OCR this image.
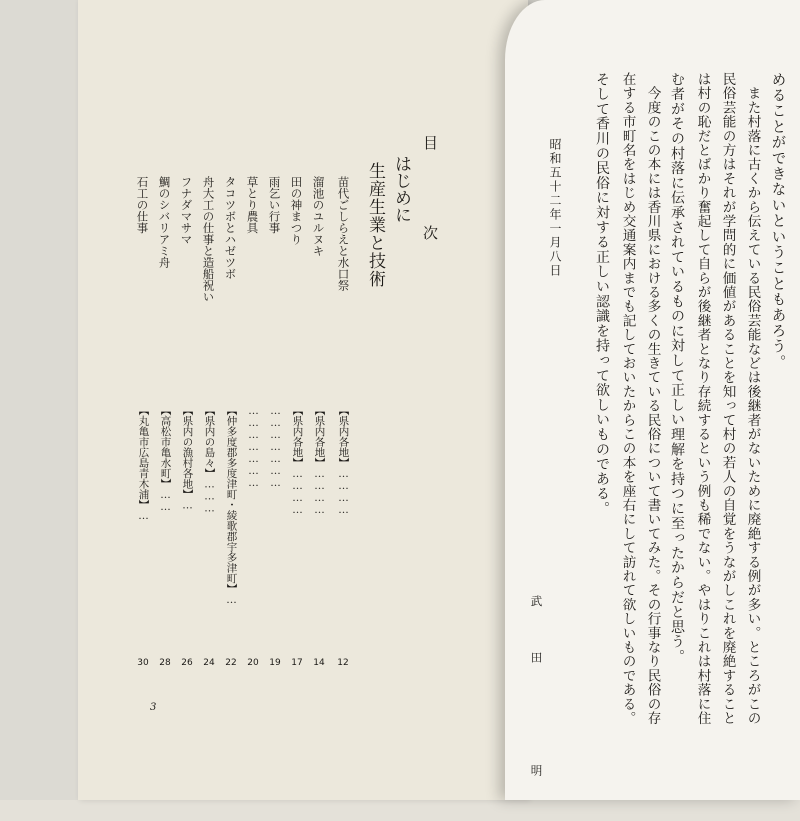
目　次
はじめに
生産生業と技術
苗代ごしらえと水口祭
【県内各地】…………
12
溜池のユルヌキ
【県内各地】…………
14
田の神まつり
【県内各地】…………
17
雨乞い行事
…………………
19
草とり農具
…………………
20
タコツボとハゼツボ
【仲多度郡多度津町・綾歌郡宇多津町】…
22
舟大工の仕事と造船祝い
【県内の島々】………
24
フナダマサマ
【県内の漁村各地】…
26
鯛のシバリアミ舟
【高松市亀水町】……
28
石工の仕事
【丸亀市広島青木浦】…
30
3
めることができないということもあろう。
　また村落に古くから伝えている民俗芸能などは後継者がないために廃絶する例が多い。ところがこの
民俗芸能の方はそれが学問的に価値があることを知って村の若人の自覚をうながしこれを廃絶すること
は村の恥だとばかり奮起して自らが後継者となり存続するという例も稀でない。やはりこれは村落に住
む者がその村落に伝承されているものに対して正しい理解を持つに至ったからだと思う。
　今度のこの本には香川県における多くの生きている民俗について書いてみた。その行事なり民俗の存
在する市町名をはじめ交通案内までも記しておいたからこの本を座右にして訪れて欲しいものである。
そして香川の民俗に対する正しい認識を持って欲しいものである。
昭和五十二年一月八日
武田　明
